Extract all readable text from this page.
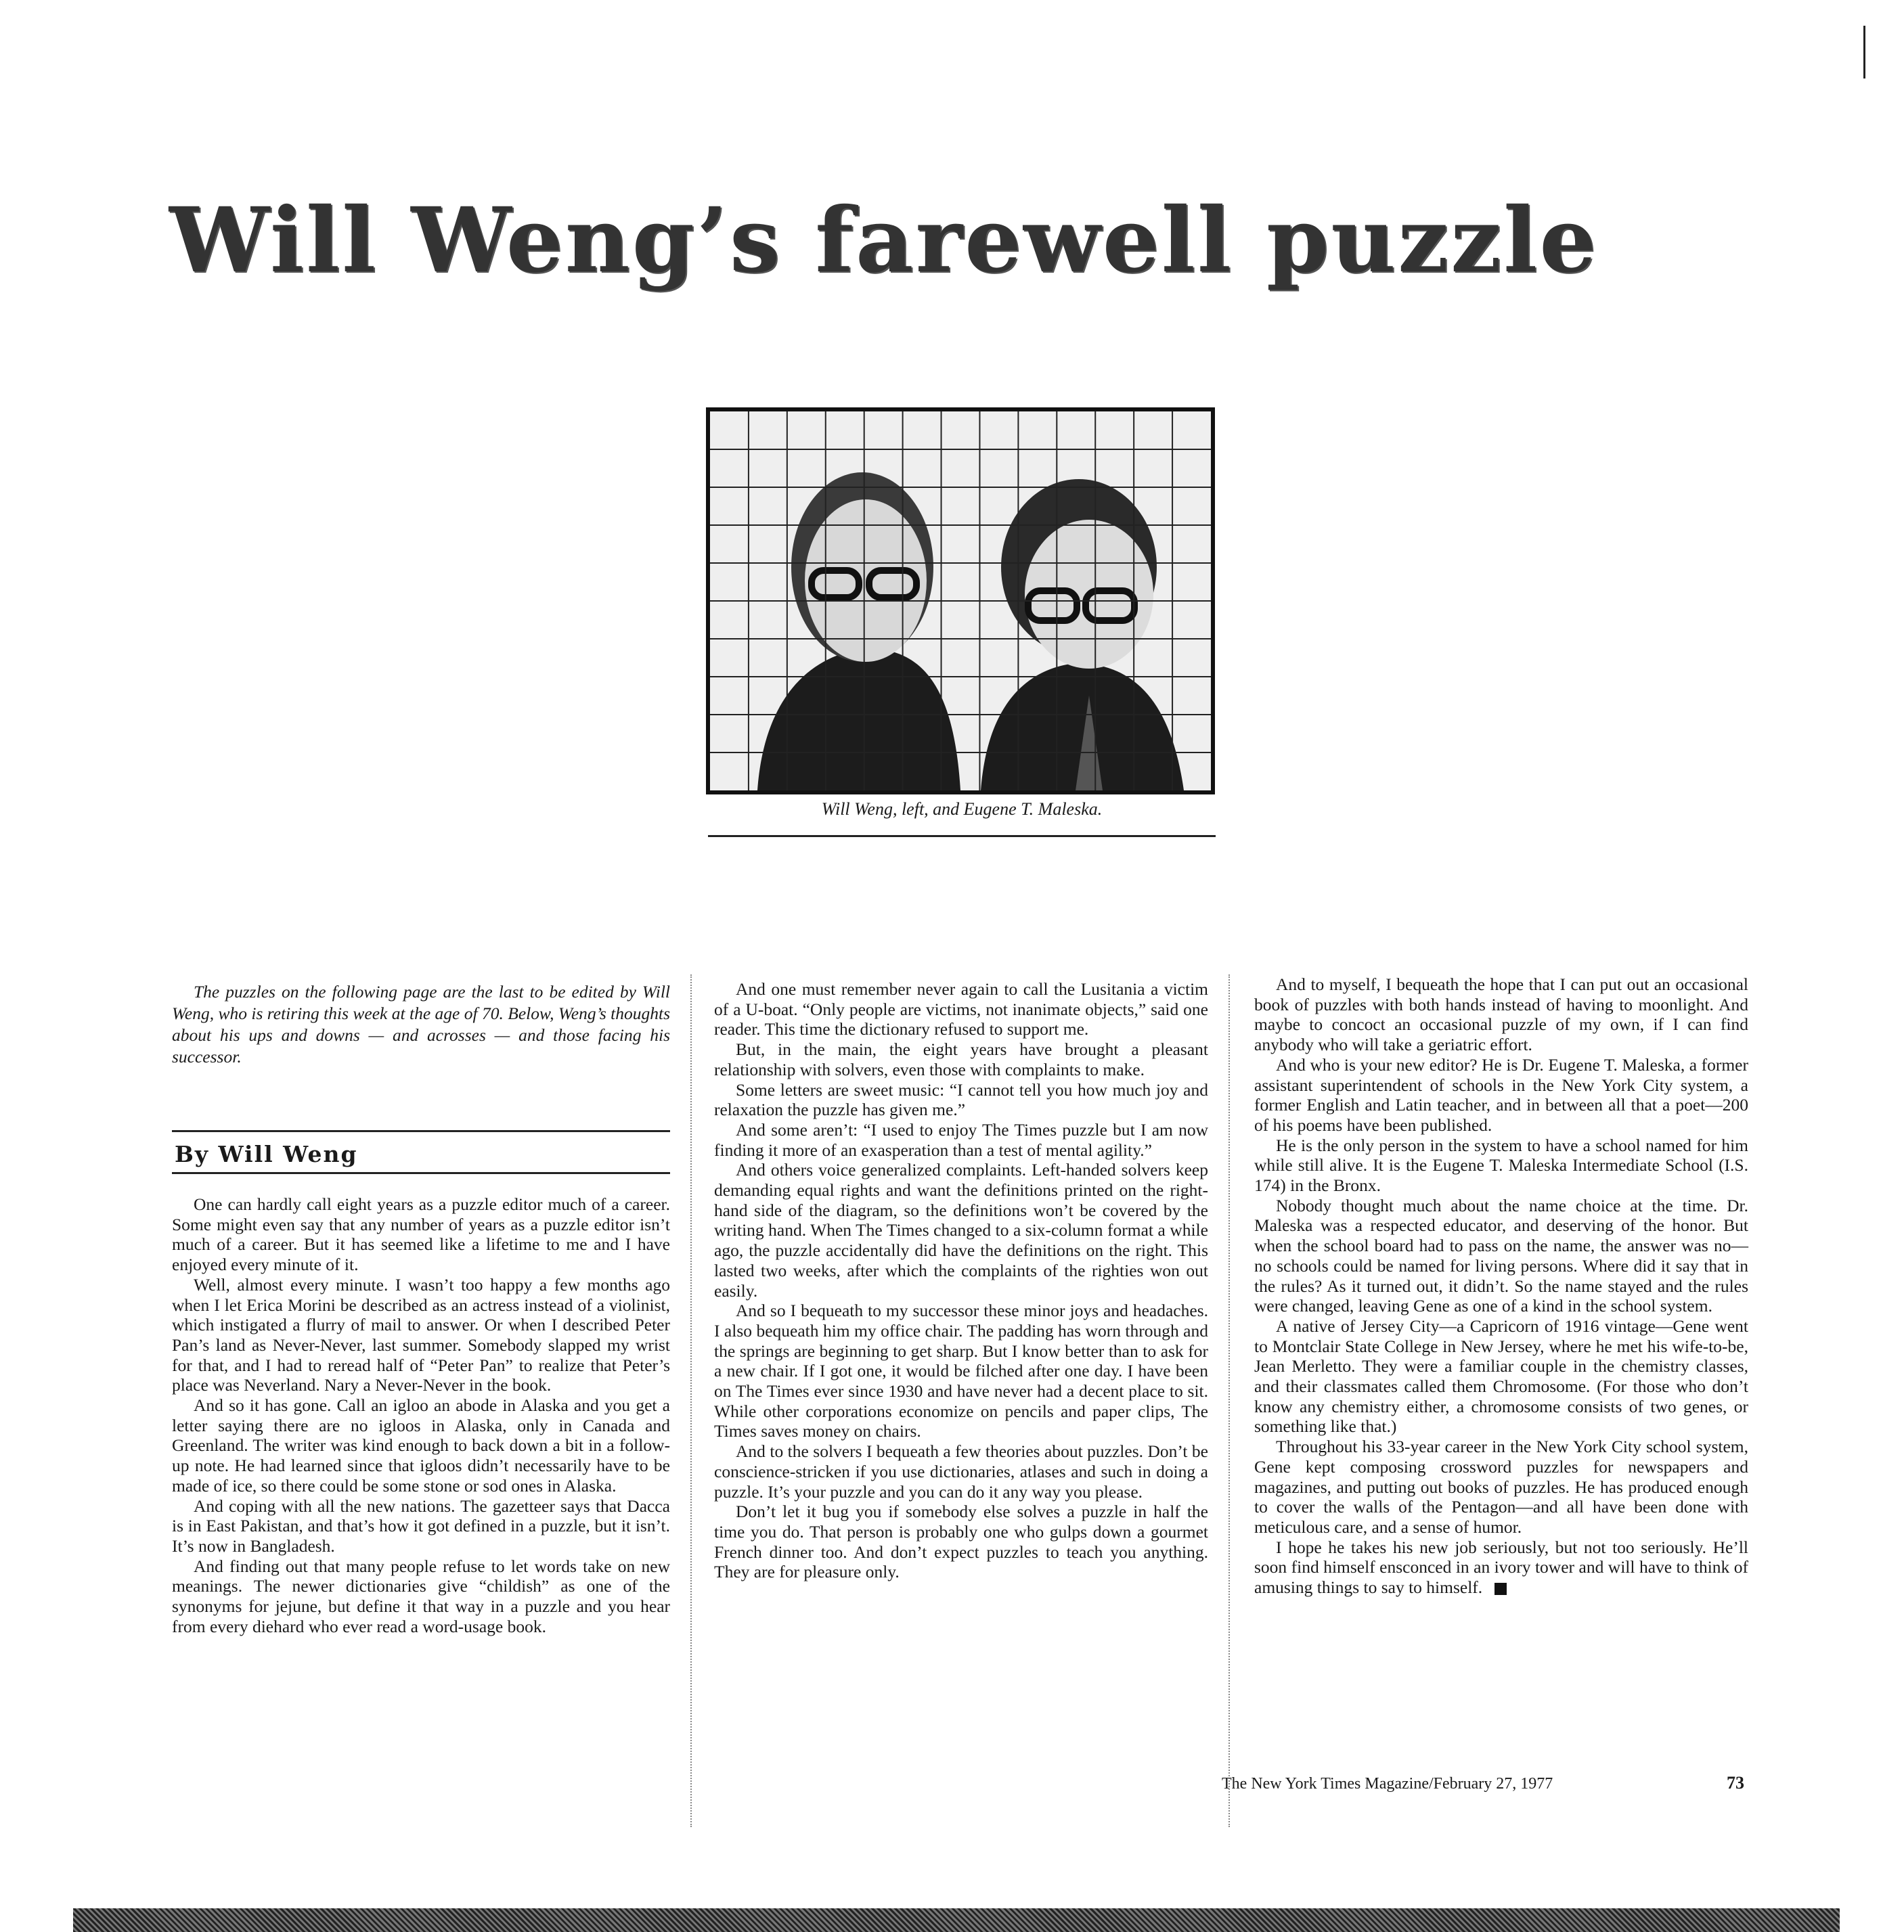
Will Weng’s farewell puzzle
Will Weng, left, and Eugene T. Maleska.

The puzzles on the following page are the last to be edited by Will Weng, who is retiring this week at the age of 70. Below, Weng’s thoughts about his ups and downs — and acrosses — and those facing his successor.

By Will Weng

One can hardly call eight years as a puzzle editor much of a career. Some might even say that any number of years as a puzzle editor isn’t much of a career. But it has seemed like a lifetime to me and I have enjoyed every minute of it.

Well, almost every minute. I wasn’t too happy a few months ago when I let Erica Morini be described as an actress instead of a violinist, which instigated a flurry of mail to answer. Or when I described Peter Pan’s land as Never-Never, last summer. Somebody slapped my wrist for that, and I had to reread half of “Peter Pan” to realize that Peter’s place was Neverland. Nary a Never-Never in the book.

And so it has gone. Call an igloo an abode in Alaska and you get a letter saying there are no igloos in Alaska, only in Canada and Greenland. The writer was kind enough to back down a bit in a follow-up note. He had learned since that igloos didn’t necessarily have to be made of ice, so there could be some stone or sod ones in Alaska.

And coping with all the new nations. The gazetteer says that Dacca is in East Pakistan, and that’s how it got defined in a puzzle, but it isn’t. It’s now in Bangladesh.

And finding out that many people refuse to let words take on new meanings. The newer dictionaries give “childish” as one of the synonyms for jejune, but define it that way in a puzzle and you hear from every diehard who ever read a word-usage book.

And one must remember never again to call the Lusitania a victim of a U-boat. “Only people are victims, not inanimate objects,” said one reader. This time the dictionary refused to support me.

But, in the main, the eight years have brought a pleasant relationship with solvers, even those with complaints to make.

Some letters are sweet music: “I cannot tell you how much joy and relaxation the puzzle has given me.”

And some aren’t: “I used to enjoy The Times puzzle but I am now finding it more of an exasperation than a test of mental agility.”

And others voice generalized complaints. Left-handed solvers keep demanding equal rights and want the definitions printed on the right-hand side of the diagram, so the definitions won’t be covered by the writing hand. When The Times changed to a six-column format a while ago, the puzzle accidentally did have the definitions on the right. This lasted two weeks, after which the complaints of the righties won out easily.

And so I bequeath to my successor these minor joys and headaches. I also bequeath him my office chair. The padding has worn through and the springs are beginning to get sharp. But I know better than to ask for a new chair. If I got one, it would be filched after one day. I have been on The Times ever since 1930 and have never had a decent place to sit. While other corporations economize on pencils and paper clips, The Times saves money on chairs.

And to the solvers I bequeath a few theories about puzzles. Don’t be conscience-stricken if you use dictionaries, atlases and such in doing a puzzle. It’s your puzzle and you can do it any way you please.

Don’t let it bug you if somebody else solves a puzzle in half the time you do. That person is probably one who gulps down a gourmet French dinner too. And don’t expect puzzles to teach you anything. They are for pleasure only.

And to myself, I bequeath the hope that I can put out an occasional book of puzzles with both hands instead of having to moonlight. And maybe to concoct an occasional puzzle of my own, if I can find anybody who will take a geriatric effort.

And who is your new editor? He is Dr. Eugene T. Maleska, a former assistant superintendent of schools in the New York City system, a former English and Latin teacher, and in between all that a poet—200 of his poems have been published.

He is the only person in the system to have a school named for him while still alive. It is the Eugene T. Maleska Intermediate School (I.S. 174) in the Bronx.

Nobody thought much about the name choice at the time. Dr. Maleska was a respected educator, and deserving of the honor. But when the school board had to pass on the name, the answer was no—no schools could be named for living persons. Where did it say that in the rules? As it turned out, it didn’t. So the name stayed and the rules were changed, leaving Gene as one of a kind in the school system.

A native of Jersey City—a Capricorn of 1916 vintage—Gene went to Montclair State College in New Jersey, where he met his wife-to-be, Jean Merletto. They were a familiar couple in the chemistry classes, and their classmates called them Chromosome. (For those who don’t know any chemistry either, a chromosome consists of two genes, or something like that.)

Throughout his 33-year career in the New York City school system, Gene kept composing crossword puzzles for newspapers and magazines, and putting out books of puzzles. He has produced enough to cover the walls of the Pentagon—and all have been done with meticulous care, and a sense of humor.

I hope he takes his new job seriously, but not too seriously. He’ll soon find himself ensconced in an ivory tower and will have to think of amusing things to say to himself.

The New York Times Magazine/February 27, 1977	73
